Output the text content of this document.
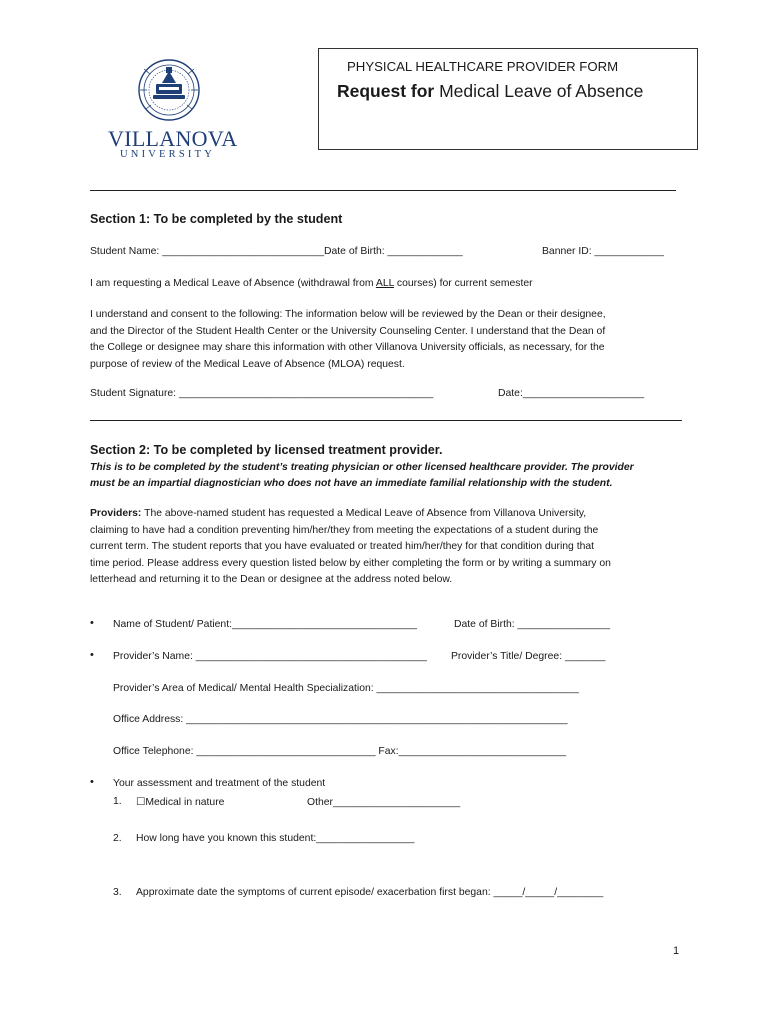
VILLANOVA
UNIVERSITY
PHYSICAL HEALTHCARE PROVIDER FORM
Request for Medical Leave of Absence
Section 1: To be completed by the student
Student Name: ____________________________Date of Birth: _____________	Banner ID: ____________
I am requesting a Medical Leave of Absence (withdrawal from ALL courses) for current semester
I understand and consent to the following: The information below will be reviewed by the Dean or their designee,
and the Director of the Student Health Center or the University Counseling Center. I understand that the Dean of
the College or designee may share this information with other Villanova University officials, as necessary, for the
purpose of review of the Medical Leave of Absence (MLOA) request.
Student Signature: ____________________________________________	Date:_____________________
Section 2: To be completed by licensed treatment provider.
This is to be completed by the student’s treating physician or other licensed healthcare provider. The provider
must be an impartial diagnostician who does not have an immediate familial relationship with the student.
Providers: The above-named student has requested a Medical Leave of Absence from Villanova University,
claiming to have had a condition preventing him/her/they from meeting the expectations of a student during the
current term. The student reports that you have evaluated or treated him/her/they for that condition during that
time period. Please address every question listed below by either completing the form or by writing a summary on
letterhead and returning it to the Dean or designee at the address noted below.
• Name of Student/ Patient:________________________________	Date of Birth: ________________
• Provider’s Name: ________________________________________ Provider’s Title/ Degree: _______
Provider’s Area of Medical/ Mental Health Specialization: ___________________________________
Office Address: __________________________________________________________________
Office Telephone: _______________________________ Fax:_____________________________
• Your assessment and treatment of the student
1. ☐Medical in nature	Other______________________
2. How long have you known this student:_________________
3. Approximate date the symptoms of current episode/ exacerbation first began: _____/_____/________
1
